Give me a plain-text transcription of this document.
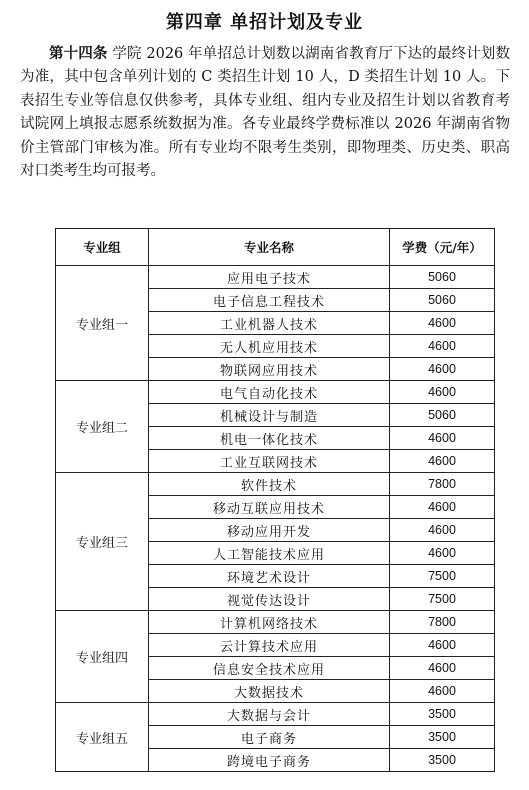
第四章 单招计划及专业

第十四条 学院 2026 年单招总计划数以湖南省教育厅下达的最终计划数为准，其中包含单列计划的 C 类招生计划 10 人，D 类招生计划 10 人。下表招生专业等信息仅供参考，具体专业组、组内专业及招生计划以省教育考试院网上填报志愿系统数据为准。各专业最终学费标准以 2026 年湖南省物价主管部门审核为准。所有专业均不限考生类别，即物理类、历史类、职高对口类考生均可报考。

专业组	专业名称	学费（元/年）
专业组一	应用电子技术	5060
	电子信息工程技术	5060
	工业机器人技术	4600
	无人机应用技术	4600
	物联网应用技术	4600
专业组二	电气自动化技术	4600
	机械设计与制造	5060
	机电一体化技术	4600
	工业互联网技术	4600
专业组三	软件技术	7800
	移动互联应用技术	4600
	移动应用开发	4600
	人工智能技术应用	4600
	环境艺术设计	7500
	视觉传达设计	7500
专业组四	计算机网络技术	7800
	云计算技术应用	4600
	信息安全技术应用	4600
	大数据技术	4600
专业组五	大数据与会计	3500
	电子商务	3500
	跨境电子商务	3500
